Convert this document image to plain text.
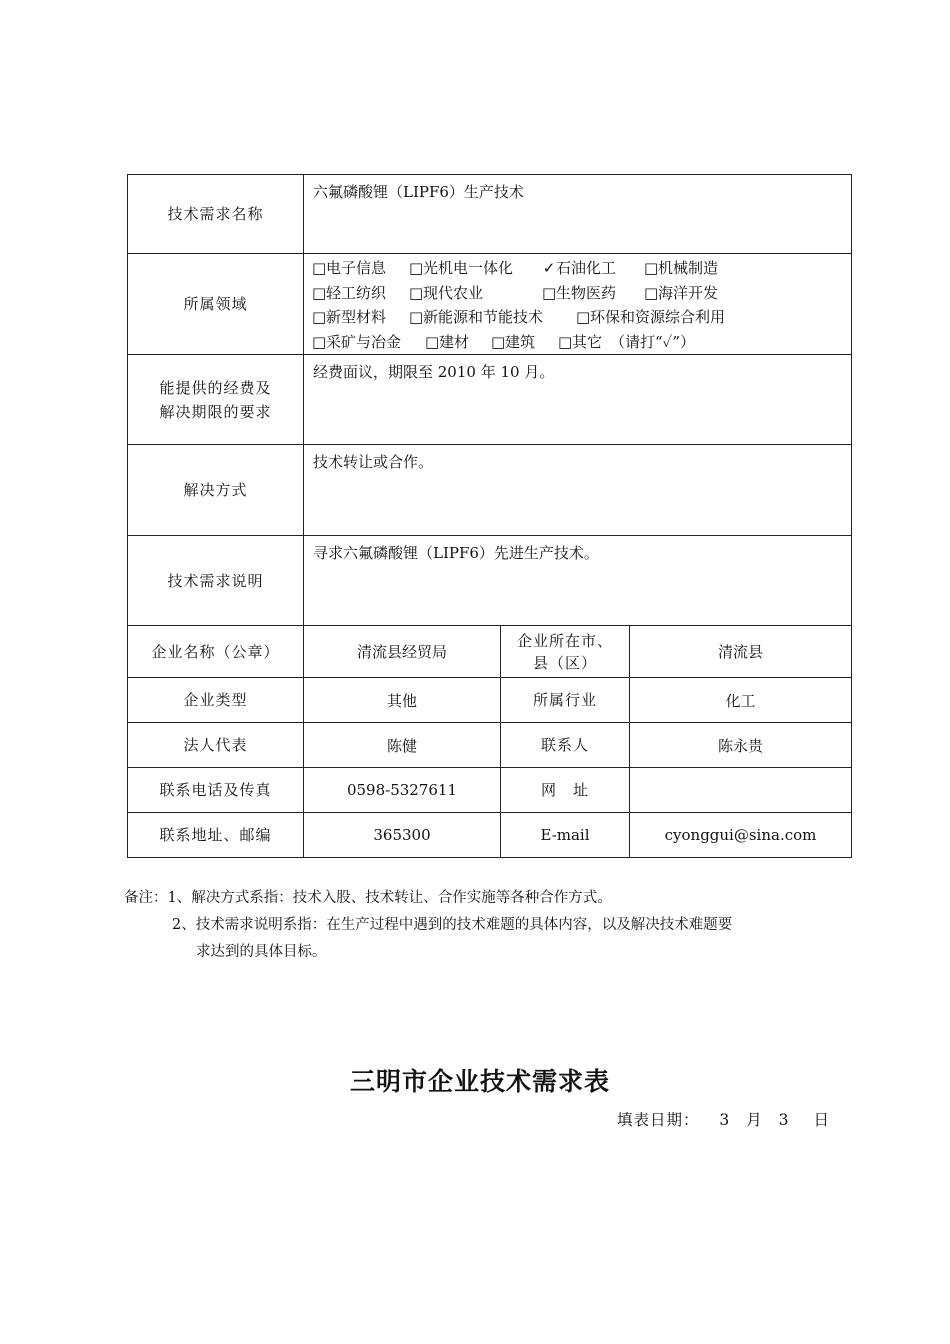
技术需求名称	六氟磷酸锂（LIPF6）生产技术		
所属领域	□电子信息 □光机电一体化 ✓石油化工 □机械制造
□轻工纺织 □现代农业 □生物医药 □海洋开发
□新型材料 □新能源和节能技术 □环保和资源综合利用
□采矿与冶金 □建材 □建筑 □其它 （请打“✓”）		

能提供的经费及
解决期限的要求	经费面议，期限至 2010 年 10 月。		
解决方式	技术转让或合作。		
技术需求说明	寻求六氟磷酸锂（LIPF6）先进生产技术。		
企业名称（公章）	清流县经贸局	企业所在市、
县（区）	清流县
企业类型	其他	所属行业	化工
法人代表	陈健	联系人	陈永贵
联系电话及传真	0598-5327611	网　址	
联系地址、邮编	365300	E-mail	cyonggui@sina.com
备注：1、解决方式系指：技术入股、技术转让、合作实施等各种合作方式。
2、技术需求说明系指：在生产过程中遇到的技术难题的具体内容，以及解决技术难题要
求达到的具体目标。
三明市企业技术需求表
填表日期： 3 月 3 日
